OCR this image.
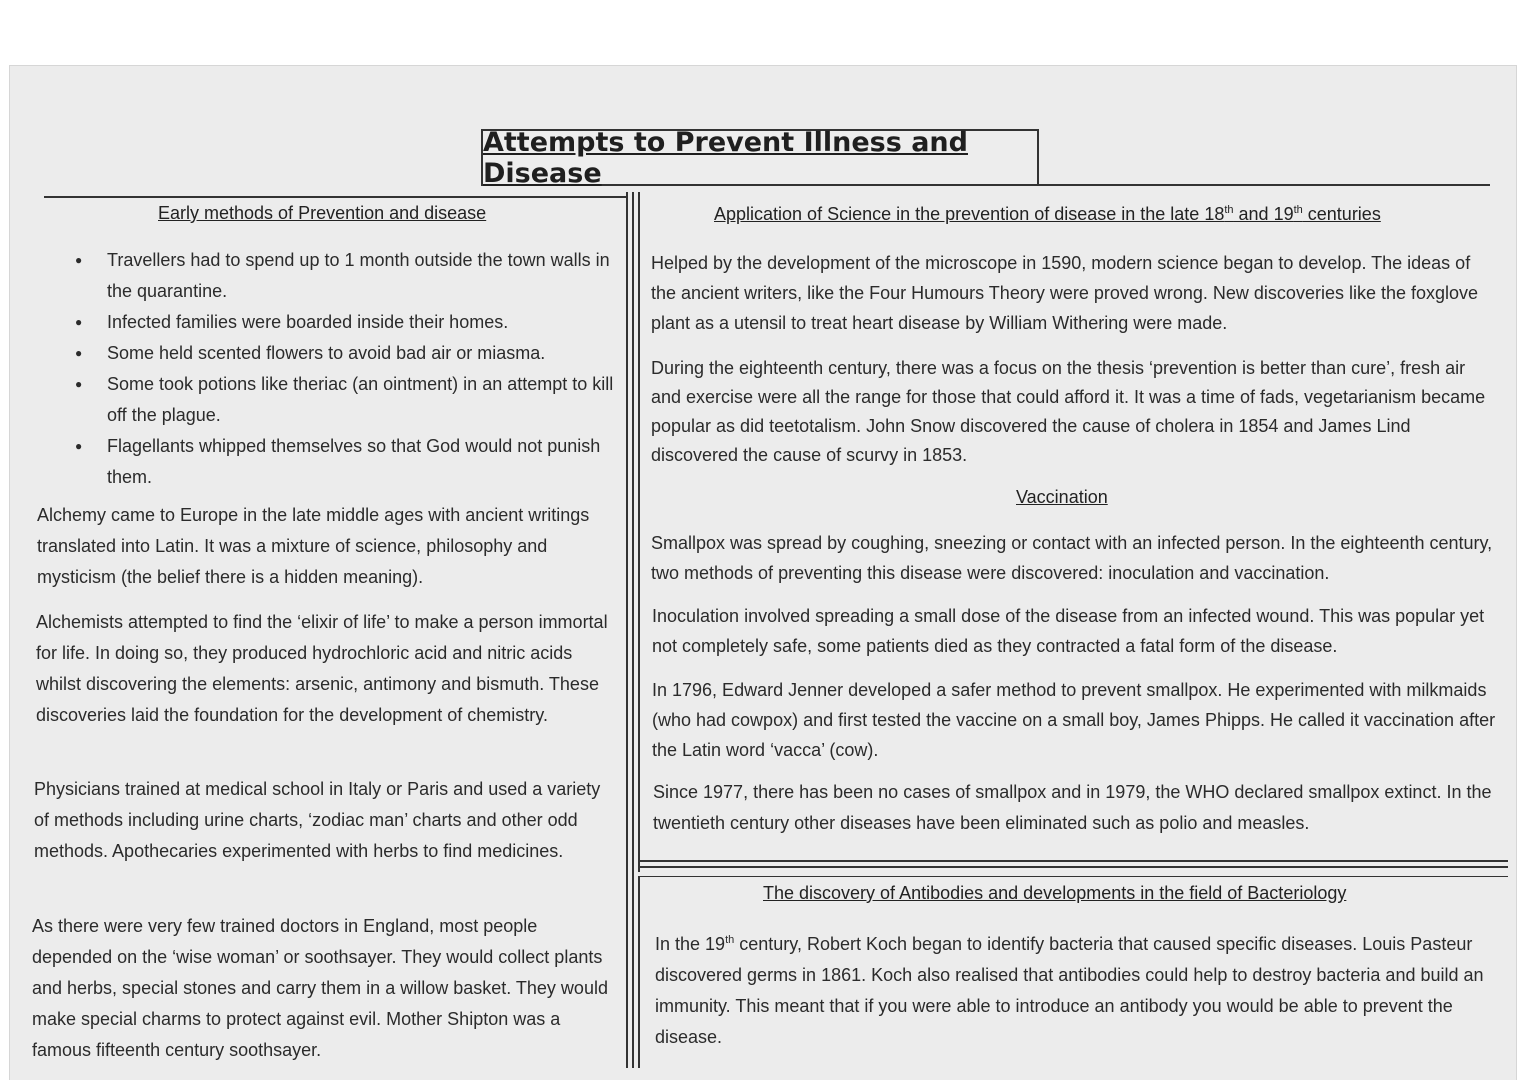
Attempts to Prevent Illness and Disease
Early methods of Prevention and disease
● Travellers had to spend up to 1 month outside the town walls in the quarantine.
● Infected families were boarded inside their homes.
● Some held scented flowers to avoid bad air or miasma.
● Some took potions like theriac (an ointment) in an attempt to kill off the plague.
● Flagellants whipped themselves so that God would not punish them.

Alchemy came to Europe in the late middle ages with ancient writings translated into Latin. It was a mixture of science, philosophy and mysticism (the belief there is a hidden meaning).

Alchemists attempted to find the ‘elixir of life’ to make a person immortal for life. In doing so, they produced hydrochloric acid and nitric acids whilst discovering the elements: arsenic, antimony and bismuth. These discoveries laid the foundation for the development of chemistry.

Physicians trained at medical school in Italy or Paris and used a variety of methods including urine charts, ‘zodiac man’ charts and other odd methods. Apothecaries experimented with herbs to find medicines.

As there were very few trained doctors in England, most people depended on the ‘wise woman’ or soothsayer. They would collect plants and herbs, special stones and carry them in a willow basket. They would make special charms to protect against evil. Mother Shipton was a famous fifteenth century soothsayer.

Application of Science in the prevention of disease in the late 18th and 19th centuries

Helped by the development of the microscope in 1590, modern science began to develop. The ideas of the ancient writers, like the Four Humours Theory were proved wrong. New discoveries like the foxglove plant as a utensil to treat heart disease by William Withering were made.

During the eighteenth century, there was a focus on the thesis ‘prevention is better than cure’, fresh air and exercise were all the range for those that could afford it. It was a time of fads, vegetarianism became popular as did teetotalism. John Snow discovered the cause of cholera in 1854 and James Lind discovered the cause of scurvy in 1853.

Vaccination

Smallpox was spread by coughing, sneezing or contact with an infected person. In the eighteenth century, two methods of preventing this disease were discovered: inoculation and vaccination.

Inoculation involved spreading a small dose of the disease from an infected wound. This was popular yet not completely safe, some patients died as they contracted a fatal form of the disease.

In 1796, Edward Jenner developed a safer method to prevent smallpox. He experimented with milkmaids (who had cowpox) and first tested the vaccine on a small boy, James Phipps. He called it vaccination after the Latin word ‘vacca’ (cow).

Since 1977, there has been no cases of smallpox and in 1979, the WHO declared smallpox extinct. In the twentieth century other diseases have been eliminated such as polio and measles.

The discovery of Antibodies and developments in the field of Bacteriology

In the 19th century, Robert Koch began to identify bacteria that caused specific diseases. Louis Pasteur discovered germs in 1861. Koch also realised that antibodies could help to destroy bacteria and build an immunity. This meant that if you were able to introduce an antibody you would be able to prevent the disease.
